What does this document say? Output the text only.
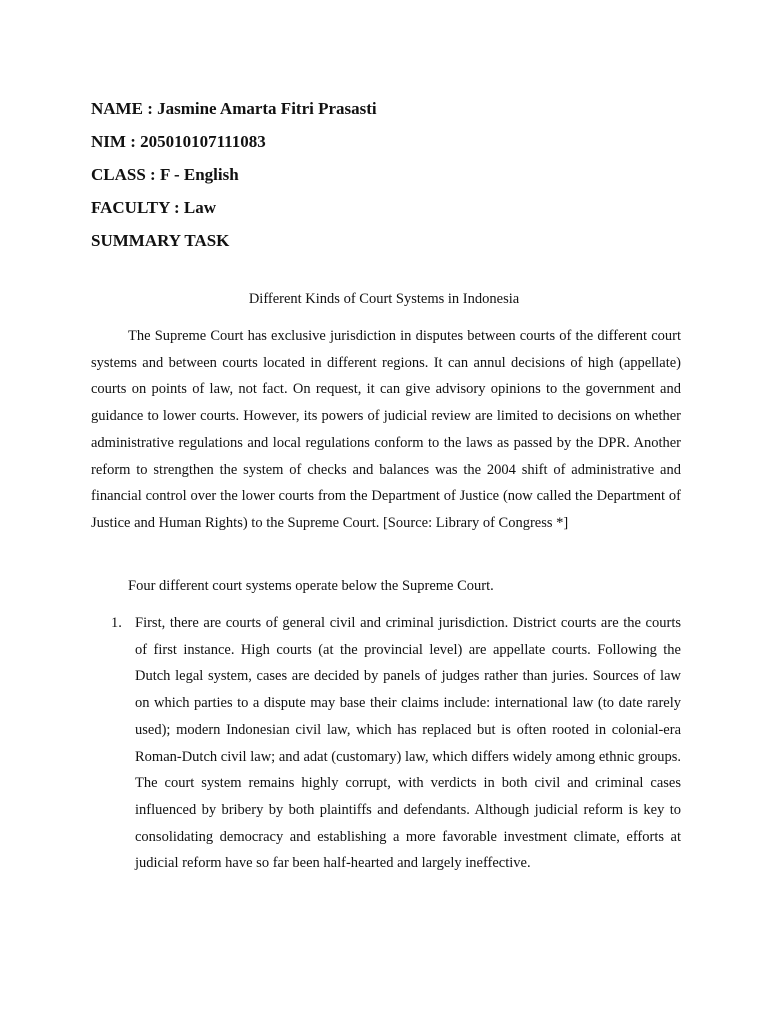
NAME : Jasmine Amarta Fitri Prasasti
NIM : 205010107111083
CLASS : F - English
FACULTY : Law
SUMMARY TASK
Different Kinds of Court Systems in Indonesia

The Supreme Court has exclusive jurisdiction in disputes between courts of the different court systems and between courts located in different regions. It can annul decisions of high (appellate) courts on points of law, not fact. On request, it can give advisory opinions to the government and guidance to lower courts. However, its powers of judicial review are limited to decisions on whether administrative regulations and local regulations conform to the laws as passed by the DPR. Another reform to strengthen the system of checks and balances was the 2004 shift of administrative and financial control over the lower courts from the Department of Justice (now called the Department of Justice and Human Rights) to the Supreme Court. [Source: Library of Congress *]

Four different court systems operate below the Supreme Court.

1. First, there are courts of general civil and criminal jurisdiction. District courts are the courts of first instance. High courts (at the provincial level) are appellate courts. Following the Dutch legal system, cases are decided by panels of judges rather than juries. Sources of law on which parties to a dispute may base their claims include: international law (to date rarely used); modern Indonesian civil law, which has replaced but is often rooted in colonial-era Roman-Dutch civil law; and adat (customary) law, which differs widely among ethnic groups. The court system remains highly corrupt, with verdicts in both civil and criminal cases influenced by bribery by both plaintiffs and defendants. Although judicial reform is key to consolidating democracy and establishing a more favorable investment climate, efforts at judicial reform have so far been half-hearted and largely ineffective.
